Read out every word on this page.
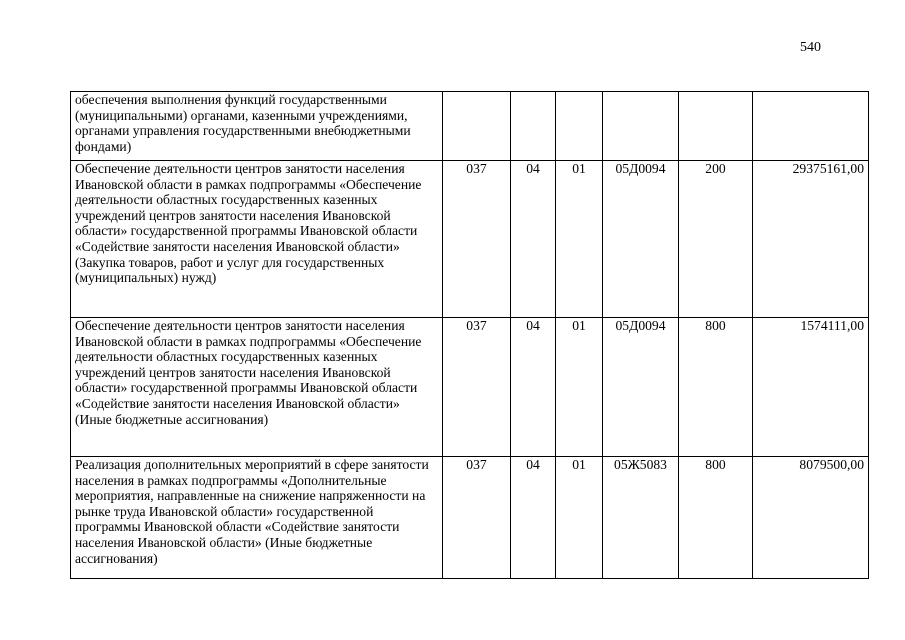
540
обеспечения выполнения функций государственными (муниципальными) органами, казенными учреждениями, органами управления государственными внебюджетными фондами)						
Обеспечение деятельности центров занятости населения Ивановской области в рамках подпрограммы «Обеспечение деятельности областных государственных казенных учреждений центров занятости населения Ивановской области» государственной программы Ивановской области «Содействие занятости населения Ивановской области» (Закупка товаров, работ и услуг для государственных (муниципальных) нужд)	037	04	01	05Д0094	200	29375161,00
Обеспечение деятельности центров занятости населения Ивановской области в рамках подпрограммы «Обеспечение деятельности областных государственных казенных учреждений центров занятости населения Ивановской области» государственной программы Ивановской области «Содействие занятости населения Ивановской области» (Иные бюджетные ассигнования)	037	04	01	05Д0094	800	1574111,00
Реализация дополнительных мероприятий в сфере занятости населения в рамках подпрограммы «Дополнительные мероприятия, направленные на снижение напряженности на рынке труда Ивановской области» государственной программы Ивановской области «Содействие занятости населения Ивановской области» (Иные бюджетные ассигнования)	037	04	01	05Ж5083	800	8079500,00
